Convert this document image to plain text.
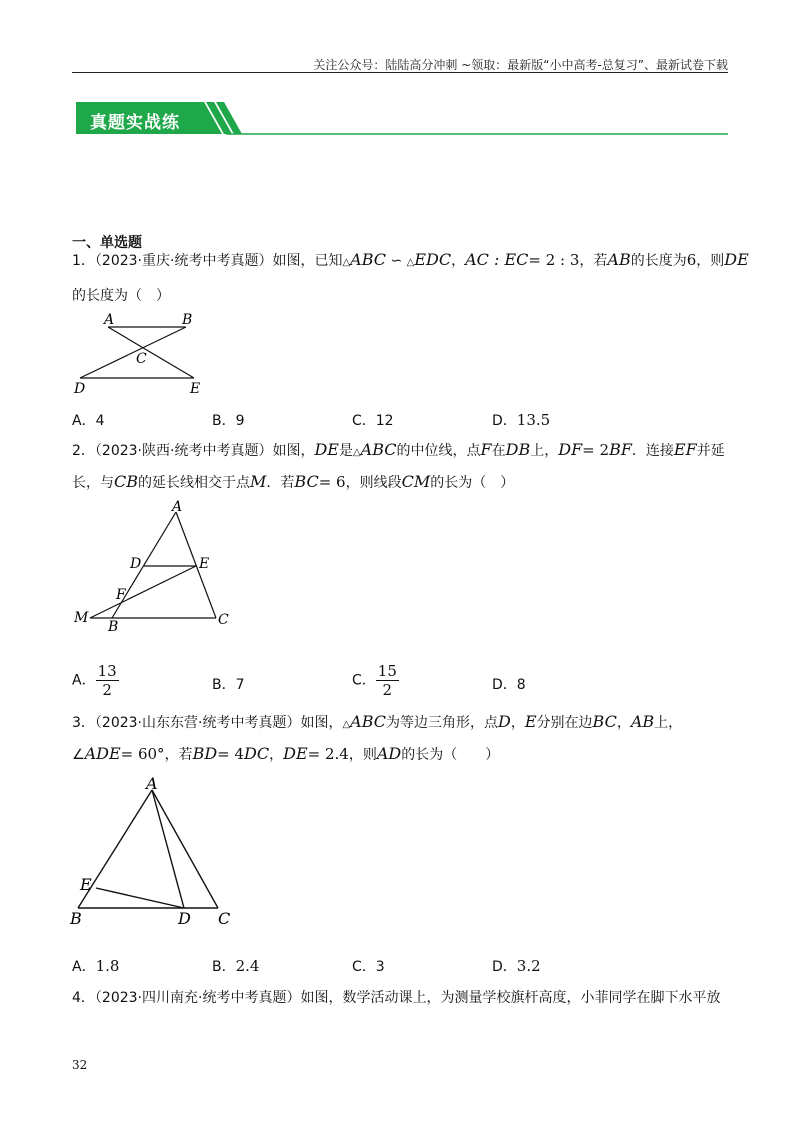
关注公众号：陆陆高分冲刺 ~领取：最新版“小中高考-总复习”、最新试卷下载
真题实战练
一、单选题
1．（2023·重庆·统考中考真题）如图，已知△ABC ∽ △EDC，AC : EC= 2 : 3，若AB的长度为6，则DE
的长度为（　）
A	B
C
D	E
A．4	B．9	C．12	D．13.5
2．（2023·陕西·统考中考真题）如图，DE是△ABC的中位线，点F在DB上，DF= 2BF．连接EF并延
长，与CB的延长线相交于点M．若BC= 6，则线段CM的长为（　）
A
D	E
F
M
B	C
A． $\frac{13}{2}$	B．7	C． $\frac{15}{2}$	D．8
3．（2023·山东东营·统考中考真题）如图，△ABC为等边三角形，点D，E分别在边BC，AB上，
∠ADE= 60°，若BD= 4DC，DE= 2.4，则AD的长为（　　）
A
E
B	D C
A．1.8	B．2.4	C．3	D．3.2
4．（2023·四川南充·统考中考真题）如图，数学活动课上，为测量学校旗杆高度，小菲同学在脚下水平放
32
